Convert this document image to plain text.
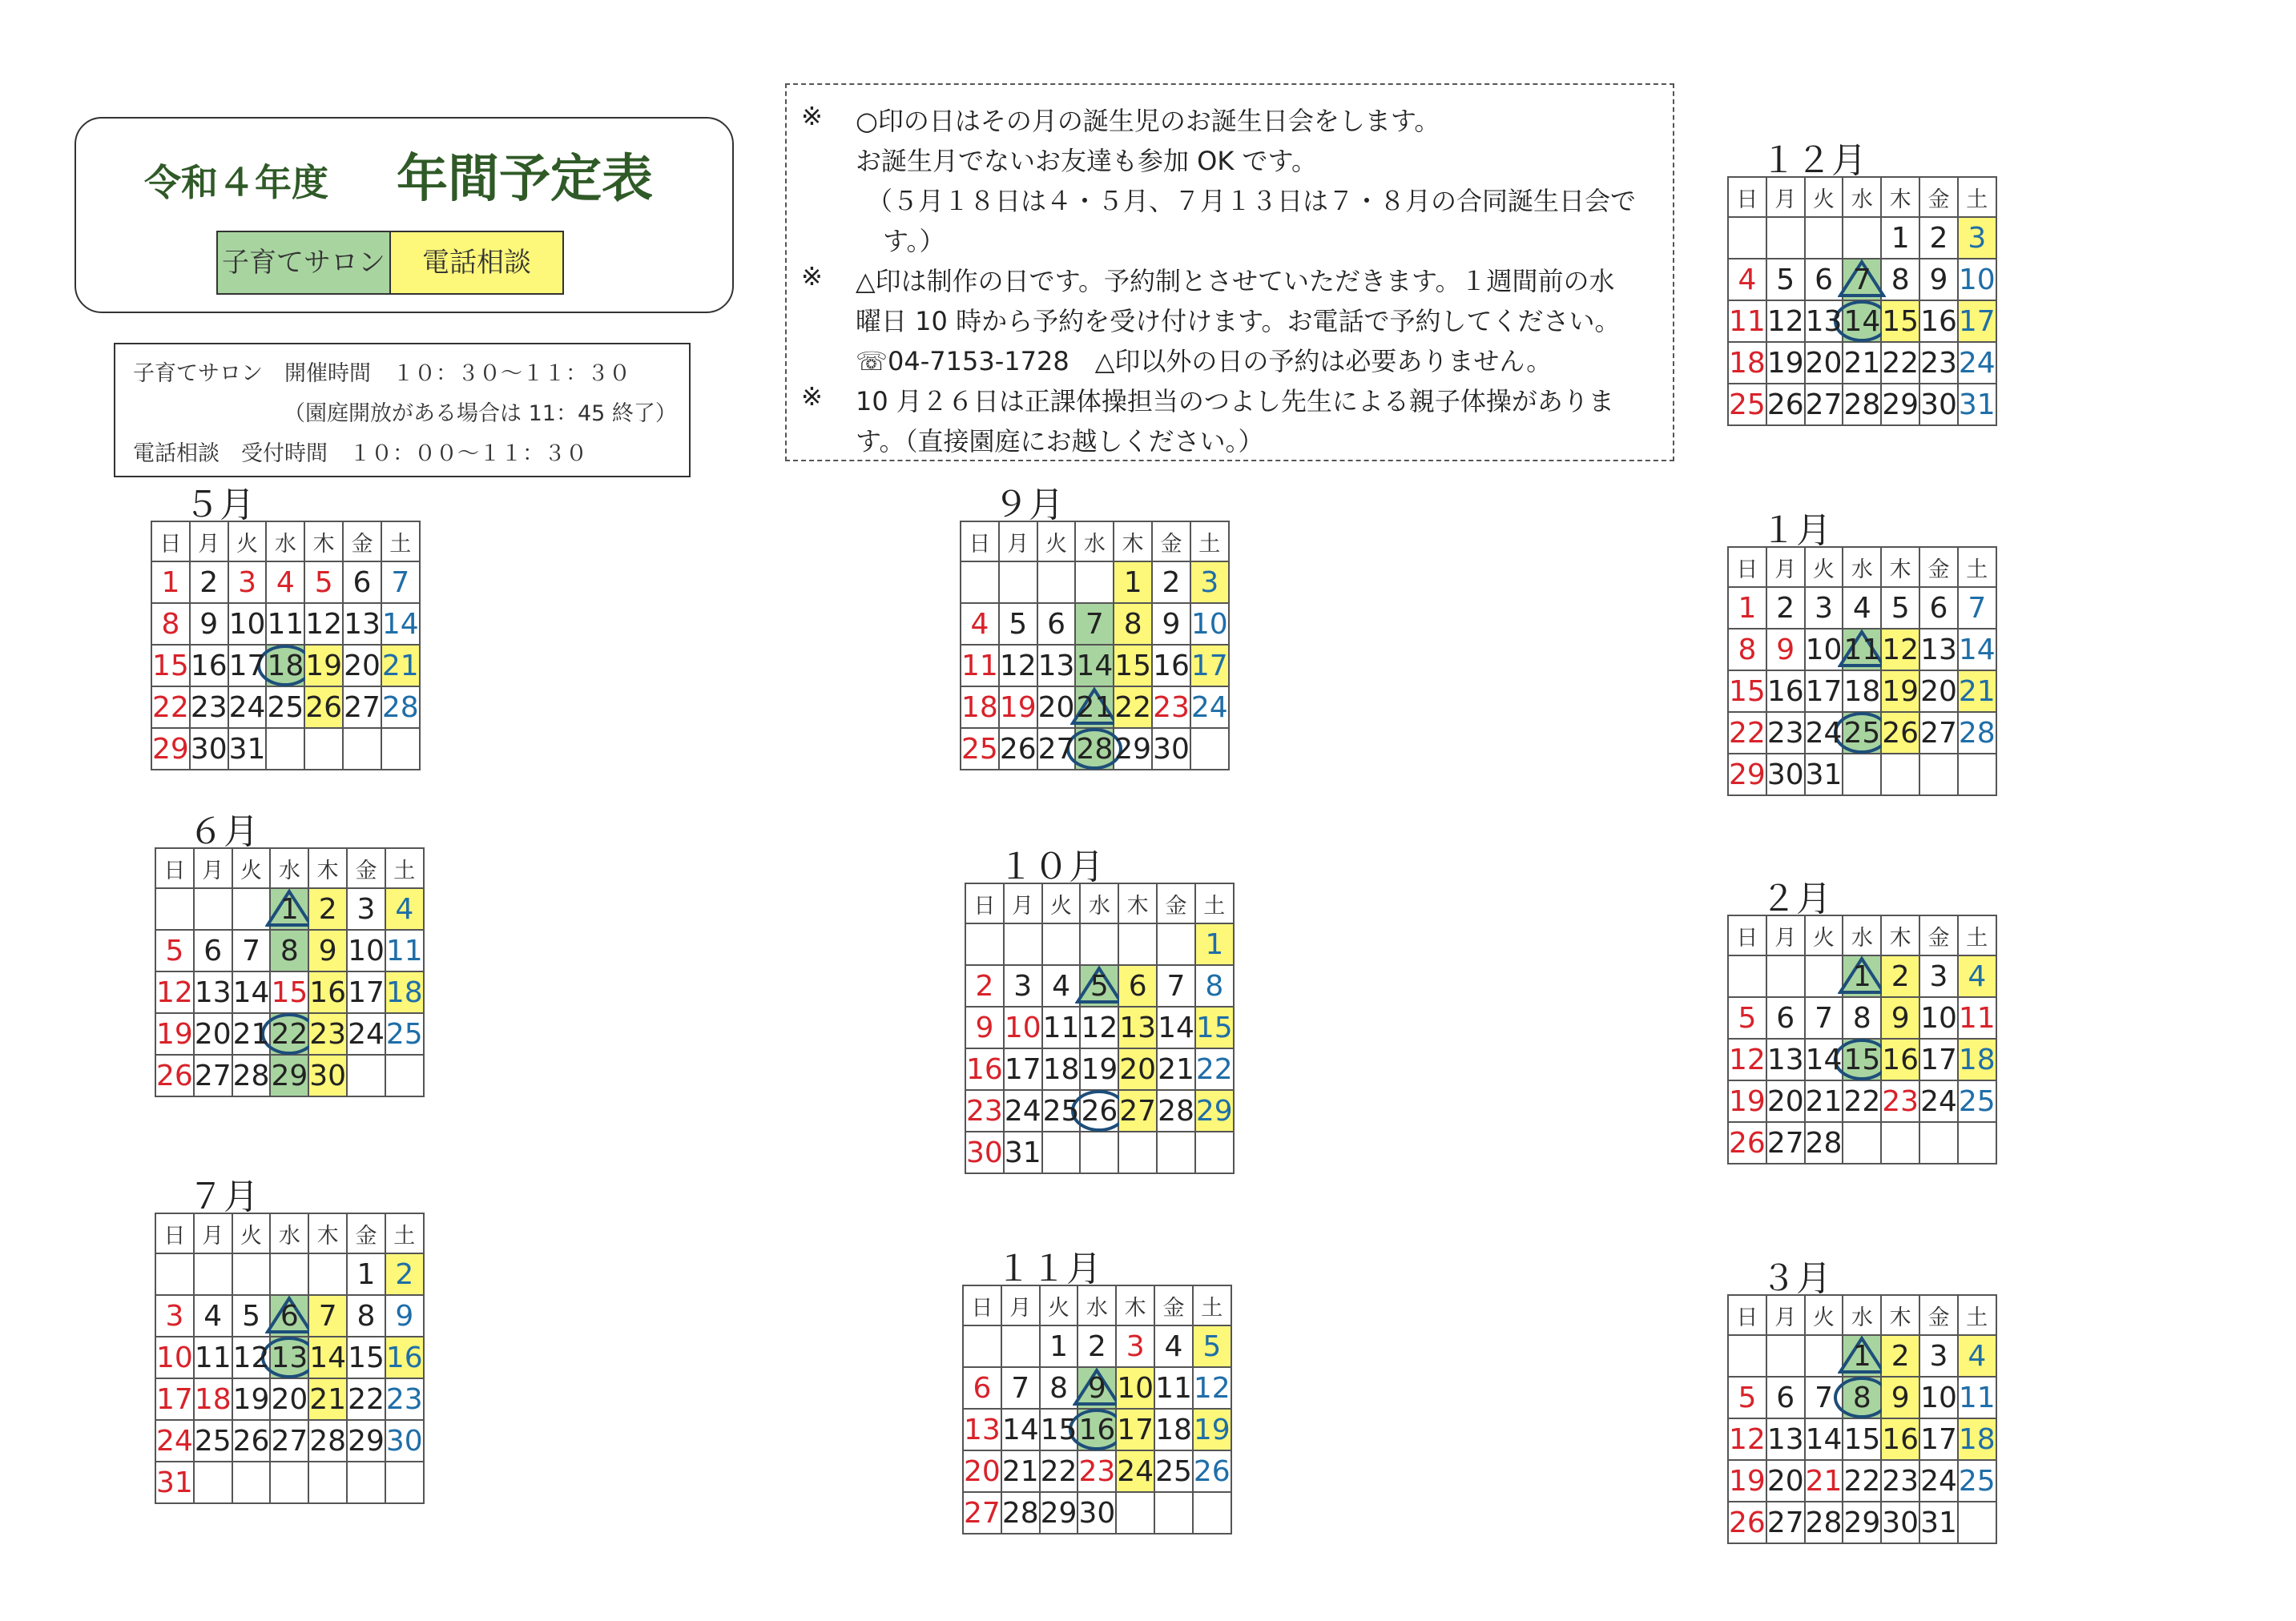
令和４年度 年間予定表
子育てサロン	電話相談
子育てサロン　開催時間　１０：３０～１１：３０
（園庭開放がある場合は 11：45 終了）
電話相談　受付時間　１０：００～１１：３０
※ ○印の日はその月の誕生児のお誕生日会をします。
お誕生月でないお友達も参加 OK です。
（５月１８日は４・５月、７月１３日は７・８月の合同誕生日会で
す。）
※ △印は制作の日です。予約制とさせていただきます。１週間前の水
曜日 10 時から予約を受け付けます。お電話で予約してください。
☏04-7153-1728　△印以外の日の予約は必要ありません。
※ 10 月２６日は正課体操担当のつよし先生による親子体操がありま
す。（直接園庭にお越しください。）
５月
日	月	火	水	木	金	土
1	2	3	4	5	6	7
8	9	10	11	12	13	14
15	16	17	18	19	20	21
22	23	24	25	26	27	28
29	30	31				
６月
日	月	火	水	木	金	土
			1	2	3	4
5	6	7	8	9	10	11
12	13	14	15	16	17	18
19	20	21	22	23	24	25
26	27	28	29	30		
７月
日	月	火	水	木	金	土
					1	2
3	4	5	6	7	8	9
10	11	12	13	14	15	16
17	18	19	20	21	22	23
24	25	26	27	28	29	30
31						
９月
日	月	火	水	木	金	土
				1	2	3
4	5	6	7	8	9	10
11	12	13	14	15	16	17
18	19	20	21	22	23	24
25	26	27	28	29	30	
１０月
日	月	火	水	木	金	土
						1
2	3	4	5	6	7	8
9	10	11	12	13	14	15
16	17	18	19	20	21	22
23	24	25	26	27	28	29
30	31					
１１月
日	月	火	水	木	金	土
		1	2	3	4	5
6	7	8	9	10	11	12
13	14	15	16	17	18	19
20	21	22	23	24	25	26
27	28	29	30			
１２月
日	月	火	水	木	金	土
				1	2	3
4	5	6	7	8	9	10
11	12	13	14	15	16	17
18	19	20	21	22	23	24
25	26	27	28	29	30	31
１月
日	月	火	水	木	金	土
1	2	3	4	5	6	7
8	9	10	11	12	13	14
15	16	17	18	19	20	21
22	23	24	25	26	27	28
29	30	31				
２月
日	月	火	水	木	金	土
			1	2	3	4
5	6	7	8	9	10	11
12	13	14	15	16	17	18
19	20	21	22	23	24	25
26	27	28				
３月
日	月	火	水	木	金	土
			1	2	3	4
5	6	7	8	9	10	11
12	13	14	15	16	17	18
19	20	21	22	23	24	25
26	27	28	29	30	31	
